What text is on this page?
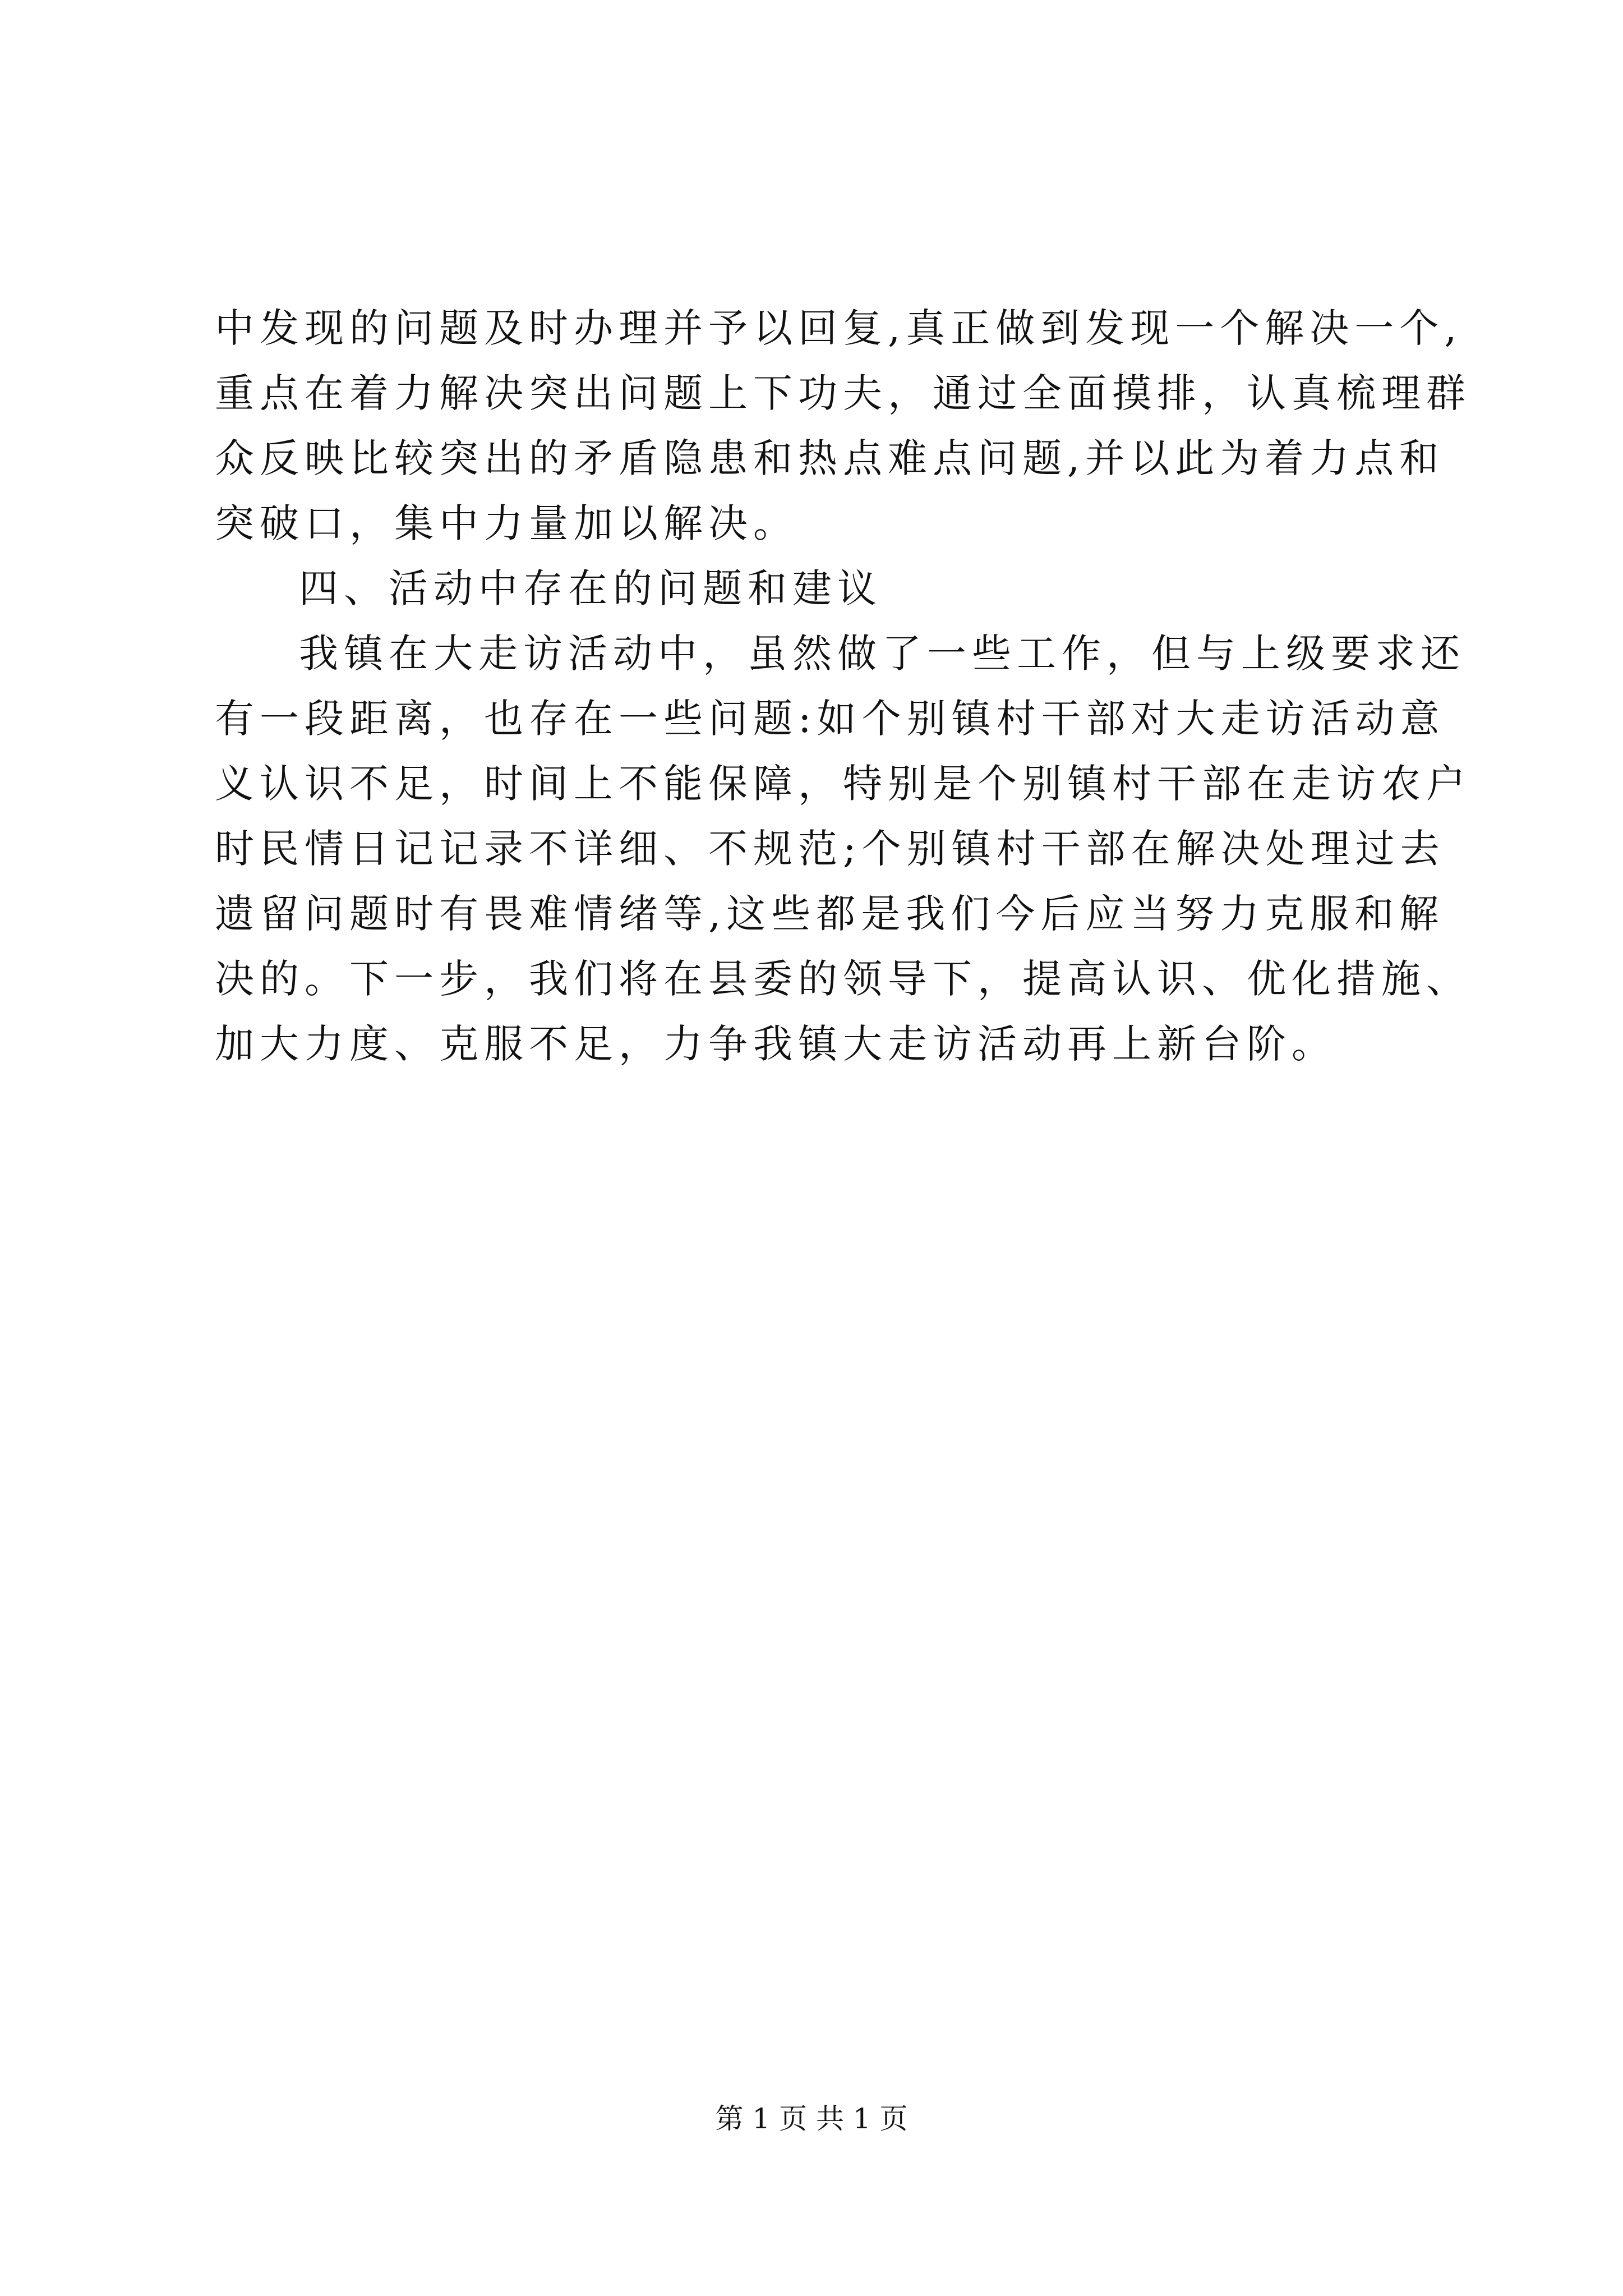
中发现的问题及时办理并予以回复,真正做到发现一个解决一个,
重点在着力解决突出问题上下功夫，通过全面摸排，认真梳理群
众反映比较突出的矛盾隐患和热点难点问题,并以此为着力点和
突破口，集中力量加以解决。
四、活动中存在的问题和建议
我镇在大走访活动中，虽然做了一些工作，但与上级要求还
有一段距离，也存在一些问题:如个别镇村干部对大走访活动意
义认识不足，时间上不能保障，特别是个别镇村干部在走访农户
时民情日记记录不详细、不规范;个别镇村干部在解决处理过去
遗留问题时有畏难情绪等,这些都是我们今后应当努力克服和解
决的。下一步，我们将在县委的领导下，提高认识、优化措施、
加大力度、克服不足，力争我镇大走访活动再上新台阶。
第 1 页 共 1 页
